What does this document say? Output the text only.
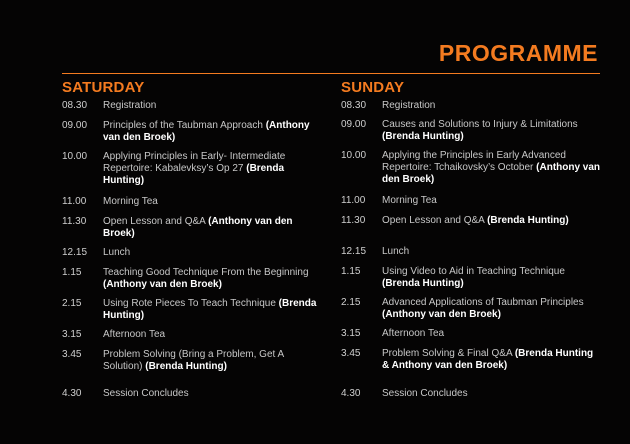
PROGRAMME
SATURDAY
08.30 Registration
09.00 Principles of the Taubman Approach (Anthony van den Broek)
10.00 Applying Principles in Early- Intermediate Repertoire: Kabalevksy’s Op 27 (Brenda Hunting)
11.00 Morning Tea
11.30 Open Lesson and Q&A (Anthony van den Broek)
12.15 Lunch
1.15 Teaching Good Technique From the Beginning (Anthony van den Broek)
2.15 Using Rote Pieces To Teach Technique (Brenda Hunting)
3.15 Afternoon Tea
3.45 Problem Solving (Bring a Problem, Get A Solution) (Brenda Hunting)
4.30 Session Concludes
SUNDAY
08.30 Registration
09.00 Causes and Solutions to Injury & Limitations (Brenda Hunting)
10.00 Applying the Principles in Early Advanced Repertoire: Tchaikovsky’s October (Anthony van den Broek)
11.00 Morning Tea
11.30 Open Lesson and Q&A (Brenda Hunting)
12.15 Lunch
1.15 Using Video to Aid in Teaching Technique (Brenda Hunting)
2.15 Advanced Applications of Taubman Principles (Anthony van den Broek)
3.15 Afternoon Tea
3.45 Problem Solving & Final Q&A (Brenda Hunting & Anthony van den Broek)
4.30 Session Concludes
